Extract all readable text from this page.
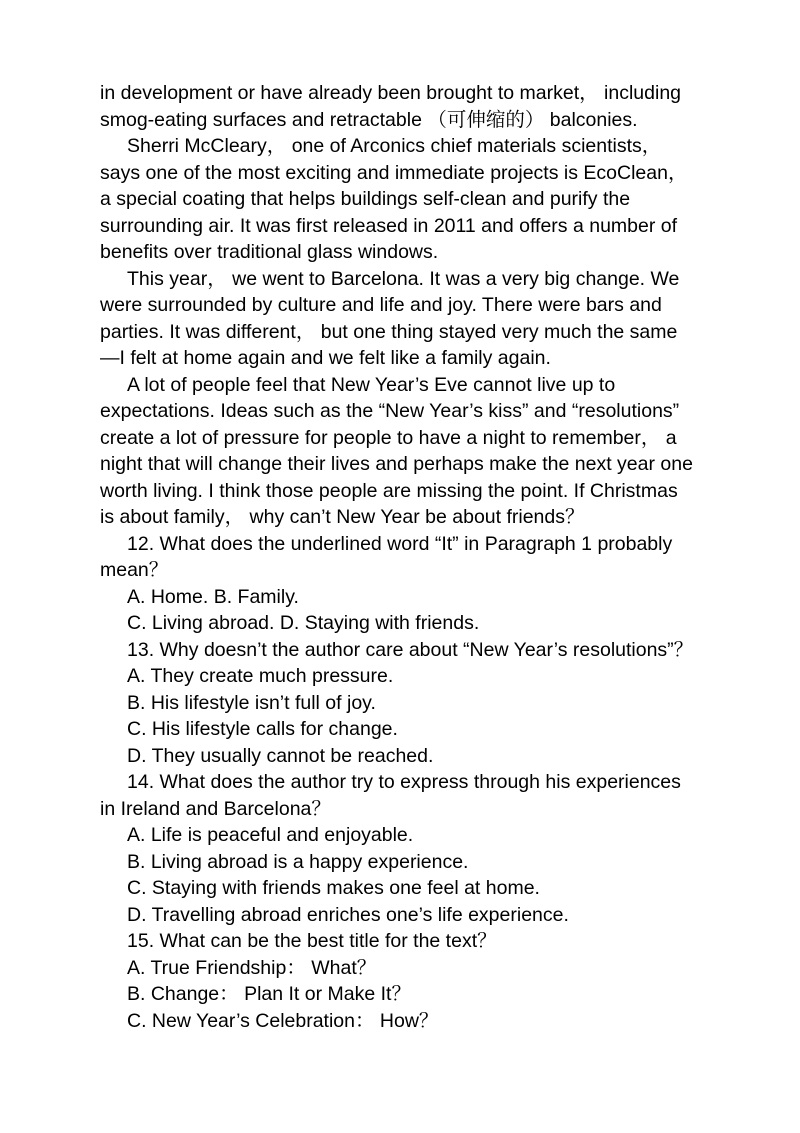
in development or have already been brought to market， including

smog-eating surfaces and retractable （可伸缩的） balconies.

Sherri McCleary， one of Arconics chief materials scientists，

says one of the most exciting and immediate projects is EcoClean，

a special coating that helps buildings self-clean and purify the

surrounding air. It was first released in 2011 and offers a number of

benefits over traditional glass windows.

This year， we went to Barcelona. It was a very big change. We

were surrounded by culture and life and joy. There were bars and

parties. It was different， but one thing stayed very much the same

—I felt at home again and we felt like a family again.

A lot of people feel that New Year’s Eve cannot live up to

expectations. Ideas such as the “New Year’s kiss” and “resolutions”

create a lot of pressure for people to have a night to remember， a

night that will change their lives and perhaps make the next year one

worth living. I think those people are missing the point. If Christmas

is about family， why can’t New Year be about friends？

12. What does the underlined word “It” in Paragraph 1 probably

mean？

A. Home. B. Family.

C. Living abroad. D. Staying with friends.

13. Why doesn’t the author care about “New Year’s resolutions”？

A. They create much pressure.

B. His lifestyle isn’t full of joy.

C. His lifestyle calls for change.

D. They usually cannot be reached.

14. What does the author try to express through his experiences

in Ireland and Barcelona？

A. Life is peaceful and enjoyable.

B. Living abroad is a happy experience.

C. Staying with friends makes one feel at home.

D. Travelling abroad enriches one’s life experience.

15. What can be the best title for the text？

A. True Friendship： What？

B. Change： Plan It or Make It？

C. New Year’s Celebration： How？
